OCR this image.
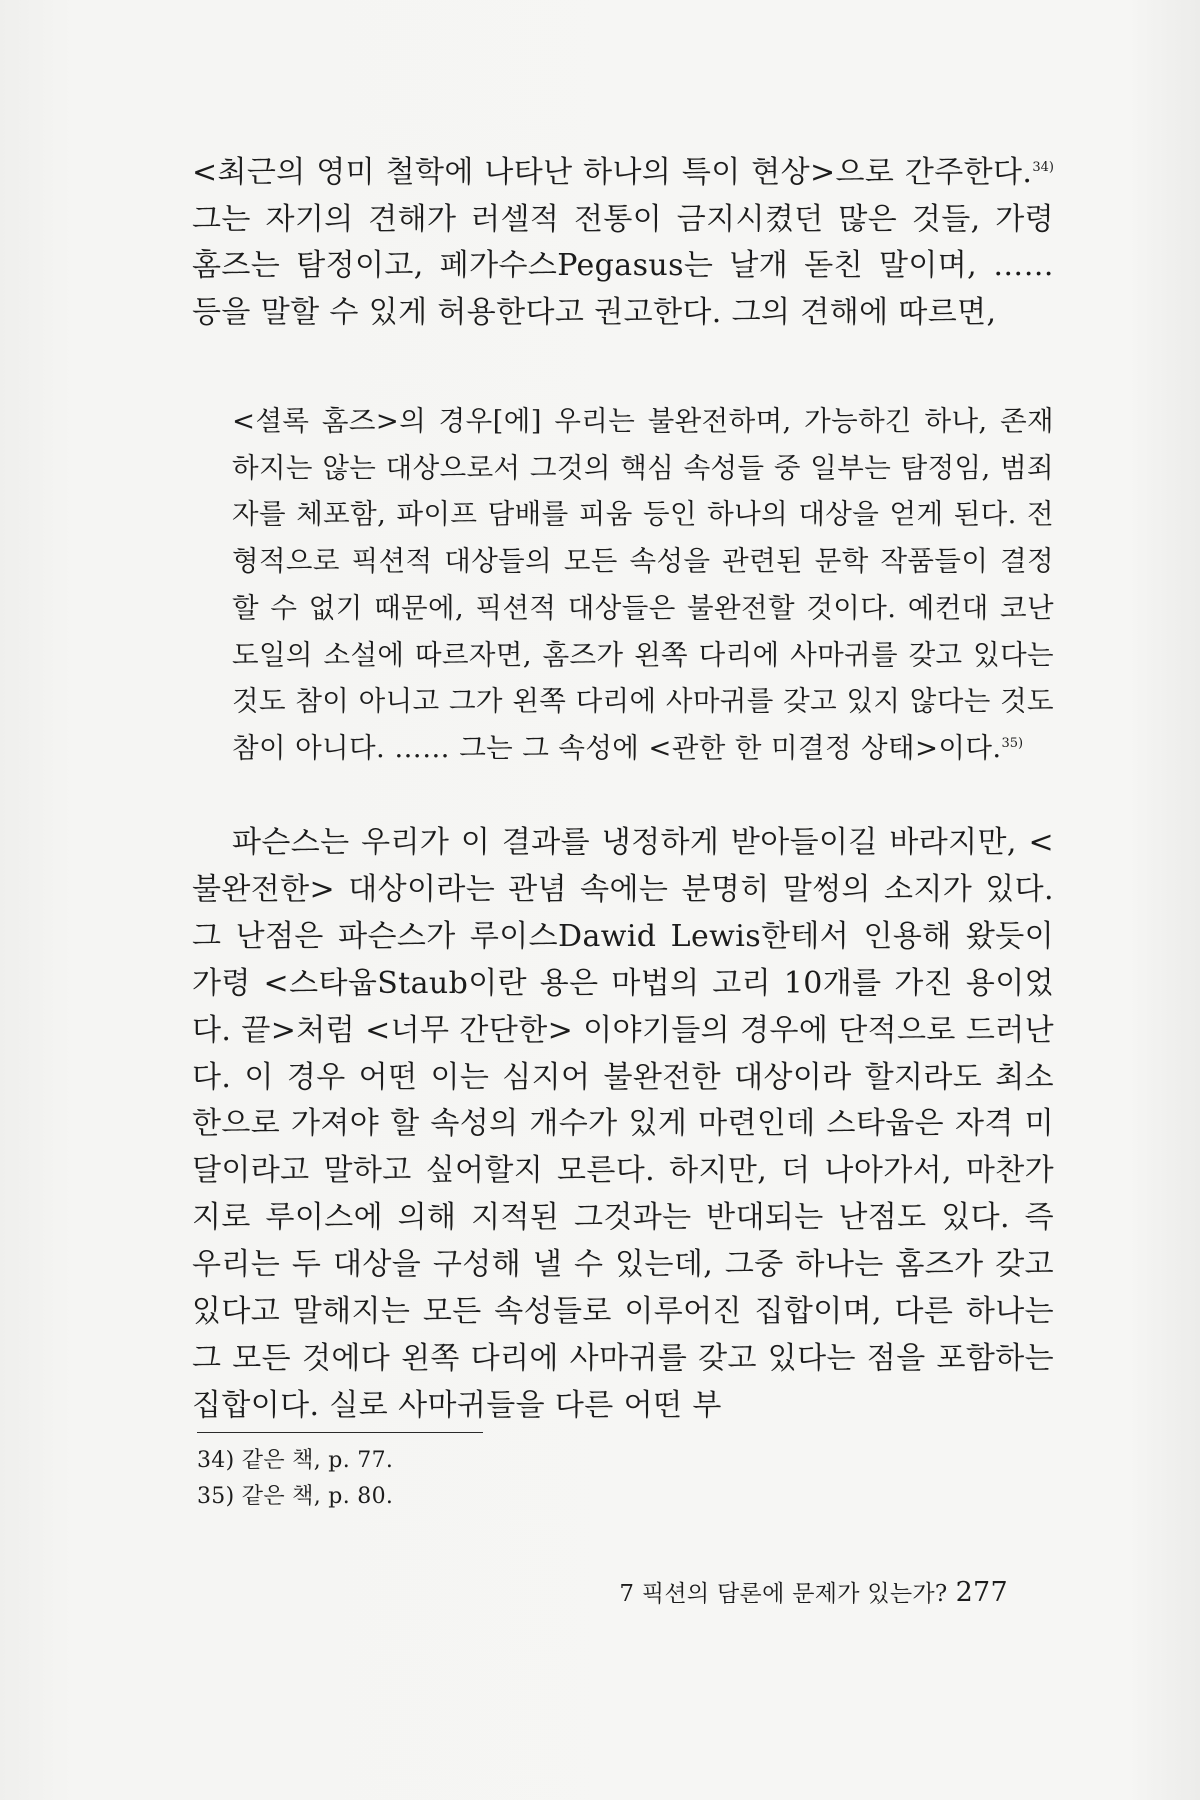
<최근의 영미 철학에 나타난 하나의 특이 현상>으로 간주한다.$^{34)}$ 그는 자기의 견해가 러셀적 전통이 금지시켰던 많은 것들, 가령 홈즈는 탐정이고, 페가수스Pegasus는 날개 돋친 말이며, …… 등을 말할 수 있게 허용한다고 권고한다. 그의 견해에 따르면,

<셜록 홈즈>의 경우[에] 우리는 불완전하며, 가능하긴 하나, 존재하지는 않는 대상으로서 그것의 핵심 속성들 중 일부는 탐정임, 범죄자를 체포함, 파이프 담배를 피움 등인 하나의 대상을 얻게 된다. 전형적으로 픽션적 대상들의 모든 속성을 관련된 문학 작품들이 결정할 수 없기 때문에, 픽션적 대상들은 불완전할 것이다. 예컨대 코난 도일의 소설에 따르자면, 홈즈가 왼쪽 다리에 사마귀를 갖고 있다는 것도 참이 아니고 그가 왼쪽 다리에 사마귀를 갖고 있지 않다는 것도 참이 아니다. …… 그는 그 속성에 <관한 한 미결정 상태>이다.$^{35)}$

파슨스는 우리가 이 결과를 냉정하게 받아들이길 바라지만, <불완전한> 대상이라는 관념 속에는 분명히 말썽의 소지가 있다. 그 난점은 파슨스가 루이스Dawid Lewis한테서 인용해 왔듯이 가령 <스타웁Staub이란 용은 마법의 고리 10개를 가진 용이었다. 끝>처럼 <너무 간단한> 이야기들의 경우에 단적으로 드러난다. 이 경우 어떤 이는 심지어 불완전한 대상이라 할지라도 최소한으로 가져야 할 속성의 개수가 있게 마련인데 스타웁은 자격 미달이라고 말하고 싶어할지 모른다. 하지만, 더 나아가서, 마찬가지로 루이스에 의해 지적된 그것과는 반대되는 난점도 있다. 즉 우리는 두 대상을 구성해 낼 수 있는데, 그중 하나는 홈즈가 갖고 있다고 말해지는 모든 속성들로 이루어진 집합이며, 다른 하나는 그 모든 것에다 왼쪽 다리에 사마귀를 갖고 있다는 점을 포함하는 집합이다. 실로 사마귀들을 다른 어떤 부

34) 같은 책, p. 77.
35) 같은 책, p. 80.
7 픽션의 담론에 문제가 있는가? 277
